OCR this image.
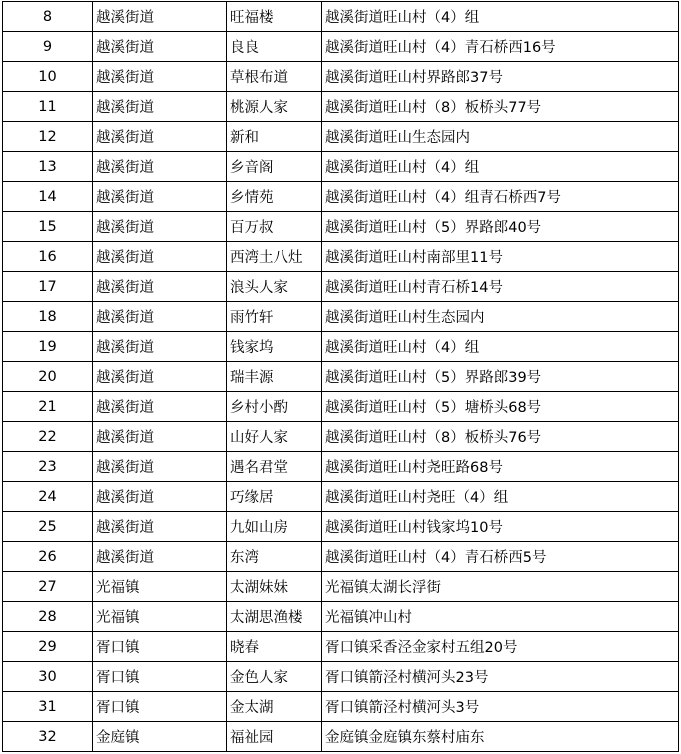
8	越溪街道	旺福楼	越溪街道旺山村（4）组
9	越溪街道	良良	越溪街道旺山村（4）青石桥西16号
10	越溪街道	草根布道	越溪街道旺山村界路郎37号
11	越溪街道	桃源人家	越溪街道旺山村（8）板桥头77号
12	越溪街道	新和	越溪街道旺山生态园内
13	越溪街道	乡音阁	越溪街道旺山村（4）组
14	越溪街道	乡情苑	越溪街道旺山村（4）组青石桥西7号
15	越溪街道	百万叔	越溪街道旺山村（5）界路郎40号
16	越溪街道	西湾土八灶	越溪街道旺山村南部里11号
17	越溪街道	浪头人家	越溪街道旺山村青石桥14号
18	越溪街道	雨竹轩	越溪街道旺山村生态园内
19	越溪街道	钱家坞	越溪街道旺山村（4）组
20	越溪街道	瑞丰源	越溪街道旺山村（5）界路郎39号
21	越溪街道	乡村小酌	越溪街道旺山村（5）塘桥头68号
22	越溪街道	山好人家	越溪街道旺山村（8）板桥头76号
23	越溪街道	遇名君堂	越溪街道旺山村尧旺路68号
24	越溪街道	巧缘居	越溪街道旺山村尧旺（4）组
25	越溪街道	九如山房	越溪街道旺山村钱家坞10号
26	越溪街道	东湾	越溪街道旺山村（4）青石桥西5号
27	光福镇	太湖妹妹	光福镇太湖长浮街
28	光福镇	太湖思渔楼	光福镇冲山村
29	胥口镇	晓春	胥口镇采香泾金家村五组20号
30	胥口镇	金色人家	胥口镇箭泾村横河头23号
31	胥口镇	金太湖	胥口镇箭泾村横河头3号
32	金庭镇	福祉园	金庭镇金庭镇东蔡村庙东
